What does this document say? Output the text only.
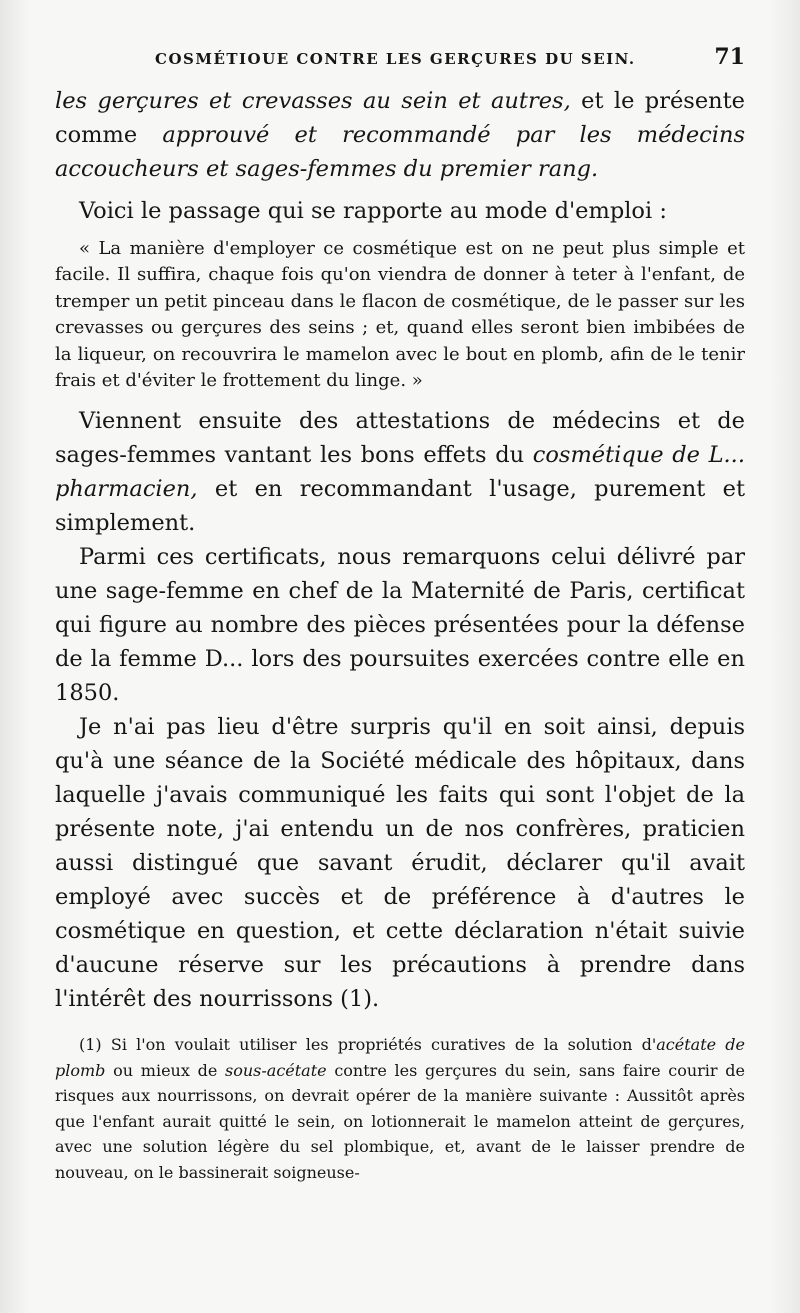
COSMÉTIOUE CONTRE LES GERÇURES DU SEIN.	71

les gerçures et crevasses au sein et autres, et le présente comme approuvé et recommandé par les médecins accoucheurs et sages-femmes du premier rang.

Voici le passage qui se rapporte au mode d'emploi :

« La manière d'employer ce cosmétique est on ne peut plus simple et facile. Il suffira, chaque fois qu'on viendra de donner à teter à l'enfant, de tremper un petit pinceau dans le flacon de cosmétique, de le passer sur les crevasses ou gerçures des seins ; et, quand elles seront bien imbibées de la liqueur, on recouvrira le mamelon avec le bout en plomb, afin de le tenir frais et d'éviter le frottement du linge. »

Viennent ensuite des attestations de médecins et de sages-femmes vantant les bons effets du cosmétique de L... pharmacien, et en recommandant l'usage, purement et simplement.

Parmi ces certificats, nous remarquons celui délivré par une sage-femme en chef de la Maternité de Paris, certificat qui figure au nombre des pièces présentées pour la défense de la femme D... lors des poursuites exercées contre elle en 1850.

Je n'ai pas lieu d'être surpris qu'il en soit ainsi, depuis qu'à une séance de la Société médicale des hôpitaux, dans laquelle j'avais communiqué les faits qui sont l'objet de la présente note, j'ai entendu un de nos confrères, praticien aussi distingué que savant érudit, déclarer qu'il avait employé avec succès et de préférence à d'autres le cosmétique en question, et cette déclaration n'était suivie d'aucune réserve sur les précautions à prendre dans l'intérêt des nourrissons (1).

(1) Si l'on voulait utiliser les propriétés curatives de la solution d'acétate de plomb ou mieux de sous-acétate contre les gerçures du sein, sans faire courir de risques aux nourrissons, on devrait opérer de la manière suivante : Aussitôt après que l'enfant aurait quitté le sein, on lotionnerait le mamelon atteint de gerçures, avec une solution légère du sel plombique, et, avant de le laisser prendre de nouveau, on le bassinerait soigneuse-
